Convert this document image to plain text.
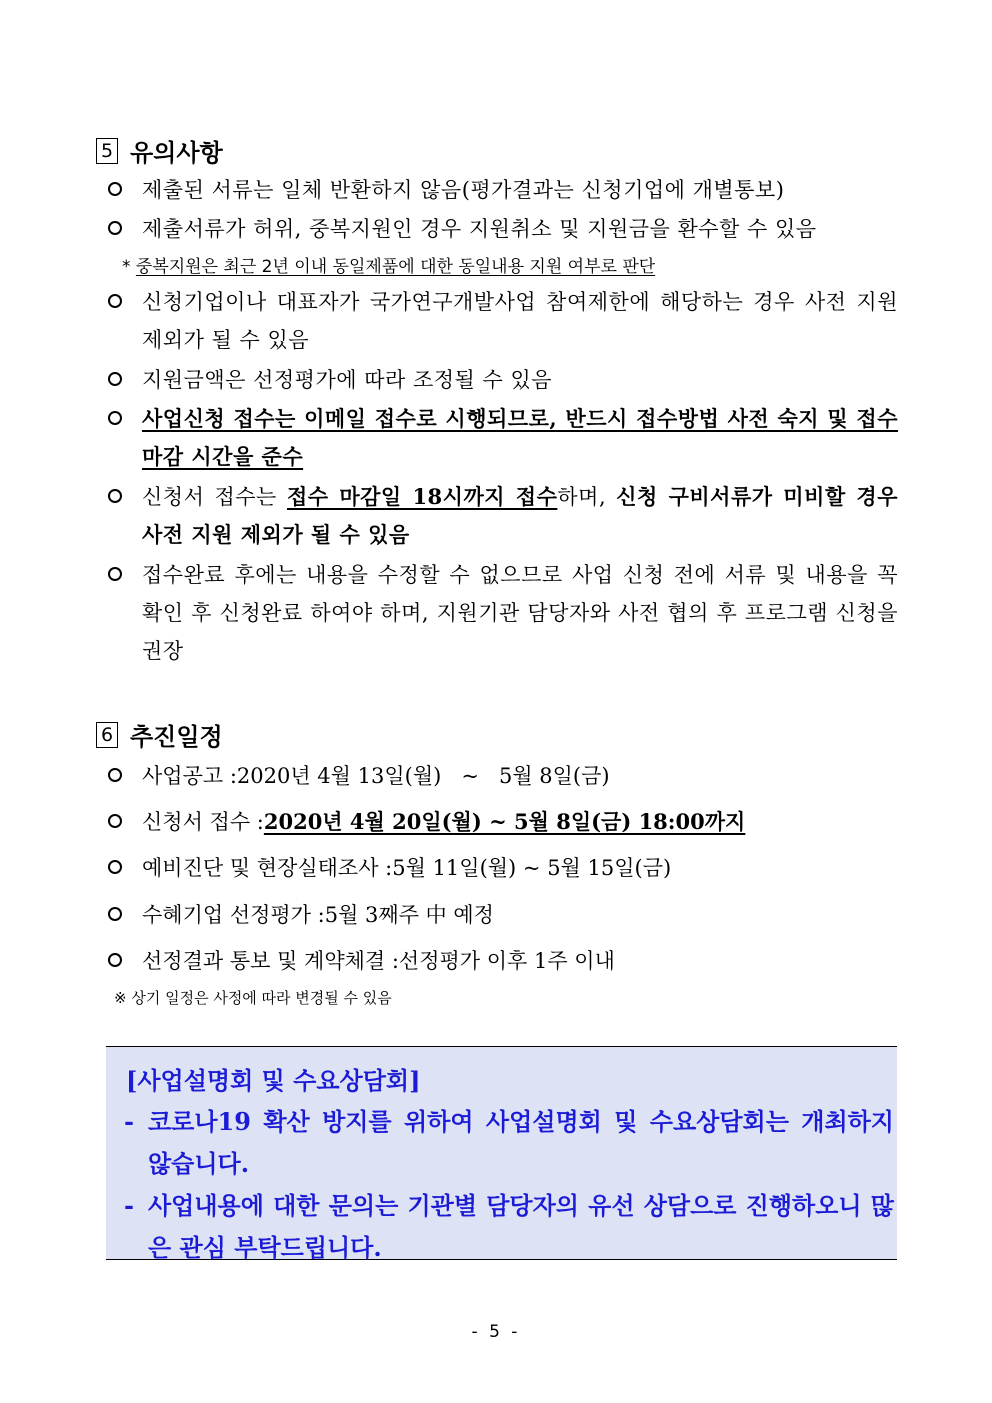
5 유의사항
제출된 서류는 일체 반환하지 않음(평가결과는 신청기업에 개별통보)
제출서류가 허위, 중복지원인 경우 지원취소 및 지원금을 환수할 수 있음
* 중복지원은 최근 2년 이내 동일제품에 대한 동일내용 지원 여부로 판단
신청기업이나 대표자가 국가연구개발사업 참여제한에 해당하는 경우 사전 지원 제외가 될 수 있음
지원금액은 선정평가에 따라 조정될 수 있음
사업신청 접수는 이메일 접수로 시행되므로, 반드시 접수방법 사전 숙지 및 접수마감 시간을 준수
신청서 접수는 접수 마감일 18시까지 접수하며, 신청 구비서류가 미비할 경우 사전 지원 제외가 될 수 있음
접수완료 후에는 내용을 수정할 수 없으므로 사업 신청 전에 서류 및 내용을 꼭 확인 후 신청완료 하여야 하며, 지원기관 담당자와 사전 협의 후 프로그램 신청을 권장
6 추진일정
사업공고 : 2020년 4월 13일(월)   ~   5월 8일(금)
신청서 접수 : 2020년 4월 20일(월) ~ 5월 8일(금) 18:00까지
예비진단 및 현장실태조사 : 5월 11일(월) ~ 5월 15일(금)
수혜기업 선정평가 : 5월 3째주 中 예정
선정결과 통보 및 계약체결 : 선정평가 이후 1주 이내
※ 상기 일정은 사정에 따라 변경될 수 있음
[사업설명회 및 수요상담회]
- 코로나19 확산 방지를 위하여 사업설명회 및 수요상담회는 개최하지 않습니다.
- 사업내용에 대한 문의는 기관별 담당자의 유선 상담으로 진행하오니 많은 관심 부탁드립니다.
- 5 -
